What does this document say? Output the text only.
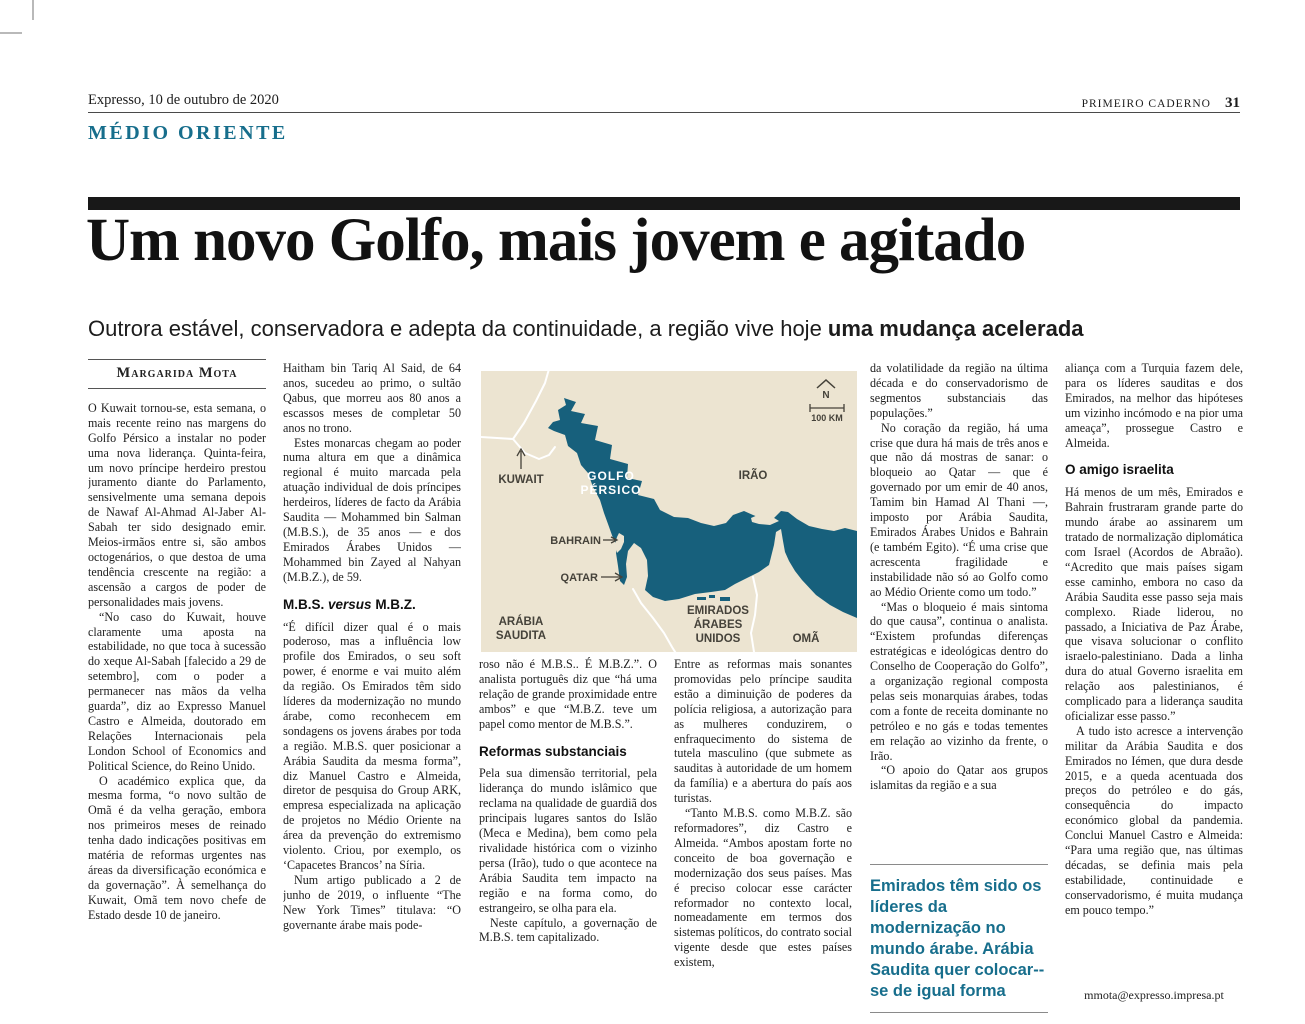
Expresso, 10 de outubro de 2020	PRIMEIRO CADERNO 31
MÉDIO ORIENTE
Um novo Golfo, mais jovem e agitado
Outrora estável, conservadora e adepta da continuidade, a região vive hoje uma mudança acelerada
Margarida Mota

O Kuwait tornou-se, esta semana, o mais recente reino nas margens do Golfo Pérsico a instalar no poder uma nova liderança. Quinta-feira, um novo príncipe herdeiro prestou juramento diante do Parlamento, sensivelmente uma semana depois de Nawaf Al-Ahmad Al-Jaber Al-Sabah ter sido designado emir. Meios-irmãos entre si, são ambos octogenários, o que destoa de uma tendência crescente na região: a ascensão a cargos de poder de personalidades mais jovens.

“No caso do Kuwait, houve claramente uma aposta na estabilidade, no que toca à sucessão do xeque Al-Sabah [falecido a 29 de setembro], com o poder a permanecer nas mãos da velha guarda”, diz ao Expresso Manuel Castro e Almeida, doutorado em Relações Internacionais pela London School of Economics and Political Science, do Reino Unido.

O académico explica que, da mesma forma, “o novo sultão de Omã é da velha geração, embora nos primeiros meses de reinado tenha dado indicações positivas em matéria de reformas urgentes nas áreas da diversificação económica e da governação”. À semelhança do Kuwait, Omã tem novo chefe de Estado desde 10 de janeiro.

Haitham bin Tariq Al Said, de 64 anos, sucedeu ao primo, o sultão Qabus, que morreu aos 80 anos a escassos meses de completar 50 anos no trono.

Estes monarcas chegam ao poder numa altura em que a dinâmica regional é muito marcada pela atuação individual de dois príncipes herdeiros, líderes de facto da Arábia Saudita — Mohammed bin Salman (M.B.S.), de 35 anos — e dos Emirados Árabes Unidos — Mohammed bin Zayed al Nahyan (M.B.Z.), de 59.

M.B.S. versus M.B.Z.

“É difícil dizer qual é o mais poderoso, mas a influência low profile dos Emirados, o seu soft power, é enorme e vai muito além da região. Os Emirados têm sido líderes da modernização no mundo árabe, como reconhecem em sondagens os jovens árabes por toda a região. M.B.S. quer posicionar a Arábia Saudita da mesma forma”, diz Manuel Castro e Almeida, diretor de pesquisa do Group ARK, empresa especializada na aplicação de projetos no Médio Oriente na área da prevenção do extremismo violento. Criou, por exemplo, os ‘Capacetes Brancos’ na Síria.

Num artigo publicado a 2 de junho de 2019, o influente “The New York Times” titulava: “O governante árabe mais pode-

N
100 KM
KUWAIT	GOLFO
PÉRSICO
IRÃO
BAHRAIN
QATAR
ARÁBIA
SAUDITA
EMIRADOS
ÁRABES
UNIDOS	OMÃ

roso não é M.B.S.. É M.B.Z.”. O analista português diz que “há uma relação de grande proximidade entre ambos” e que “M.B.Z. teve um papel como mentor de M.B.S.”.

Reformas substanciais

Pela sua dimensão territorial, pela liderança do mundo islâmico que reclama na qualidade de guardiã dos principais lugares santos do Islão (Meca e Medina), bem como pela rivalidade histórica com o vizinho persa (Irão), tudo o que acontece na Arábia Saudita tem impacto na região e na forma como, do estrangeiro, se olha para ela.

Neste capítulo, a governação de M.B.S. tem capitalizado.

Entre as reformas mais sonantes promovidas pelo príncipe saudita estão a diminuição de poderes da polícia religiosa, a autorização para as mulheres conduzirem, o enfraquecimento do sistema de tutela masculino (que submete as sauditas à autoridade de um homem da família) e a abertura do país aos turistas.

“Tanto M.B.S. como M.B.Z. são reformadores”, diz Castro e Almeida. “Ambos apostam forte no conceito de boa governação e modernização dos seus países. Mas é preciso colocar esse carácter reformador no contexto local, nomeadamente em termos dos sistemas políticos, do contrato social vigente desde que estes países existem,

da volatilidade da região na última década e do conservadorismo de segmentos substanciais das populações.”

No coração da região, há uma crise que dura há mais de três anos e que não dá mostras de sanar: o bloqueio ao Qatar — que é governado por um emir de 40 anos, Tamim bin Hamad Al Thani —, imposto por Arábia Saudita, Emirados Árabes Unidos e Bahrain (e também Egito). “É uma crise que acrescenta fragilidade e instabilidade não só ao Golfo como ao Médio Oriente como um todo.”

“Mas o bloqueio é mais sintoma do que causa”, continua o analista. “Existem profundas diferenças estratégicas e ideológicas dentro do Conselho de Cooperação do Golfo”, a organização regional composta pelas seis monarquias árabes, todas com a fonte de receita dominante no petróleo e no gás e todas tementes em relação ao vizinho da frente, o Irão.

“O apoio do Qatar aos grupos islamitas da região e a sua

Emirados têm sido os líderes da modernização no mundo árabe. Arábia Saudita quer colocar--se de igual forma

aliança com a Turquia fazem dele, para os líderes sauditas e dos Emirados, na melhor das hipóteses um vizinho incómodo e na pior uma ameaça”, prossegue Castro e Almeida.

O amigo israelita

Há menos de um mês, Emirados e Bahrain frustraram grande parte do mundo árabe ao assinarem um tratado de normalização diplomática com Israel (Acordos de Abraão). “Acredito que mais países sigam esse caminho, embora no caso da Arábia Saudita esse passo seja mais complexo. Riade liderou, no passado, a Iniciativa de Paz Árabe, que visava solucionar o conflito israelo-palestiniano. Dada a linha dura do atual Governo israelita em relação aos palestinianos, é complicado para a liderança saudita oficializar esse passo.”

A tudo isto acresce a intervenção militar da Arábia Saudita e dos Emirados no Iémen, que dura desde 2015, e a queda acentuada dos preços do petróleo e do gás, consequência do impacto económico global da pandemia. Conclui Manuel Castro e Almeida: “Para uma região que, nas últimas décadas, se definia mais pela estabilidade, continuidade e conservadorismo, é muita mudança em pouco tempo.”

mmota@expresso.impresa.pt
